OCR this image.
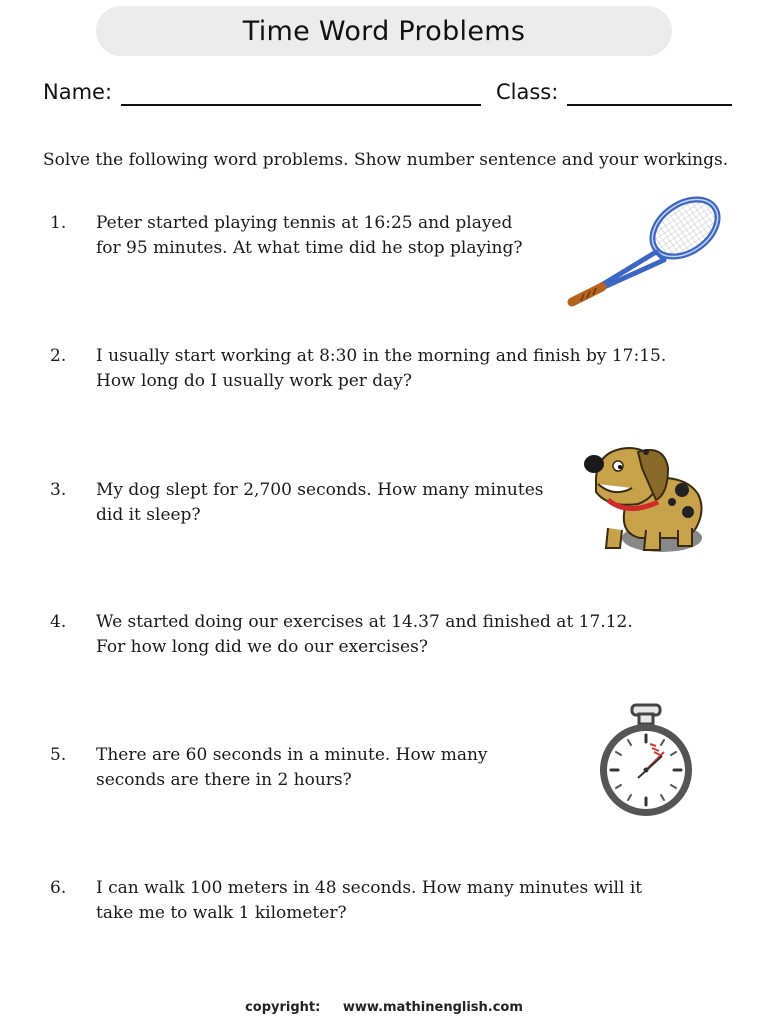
Time Word Problems
Name:	Class:
Solve the following word problems. Show number sentence and your workings.
1. Peter started playing tennis at 16:25 and played
for 95 minutes. At what time did he stop playing?
2. I usually start working at 8:30 in the morning and finish by 17:15.
How long do I usually work per day?
3. My dog slept for 2,700 seconds. How many minutes
did it sleep?
4. We started doing our exercises at 14.37 and finished at 17.12.
For how long did we do our exercises?
5. There are 60 seconds in a minute. How many
seconds are there in 2 hours?
6. I can walk 100 meters in 48 seconds. How many minutes will it
take me to walk 1 kilometer?
copyright: www.mathinenglish.com
